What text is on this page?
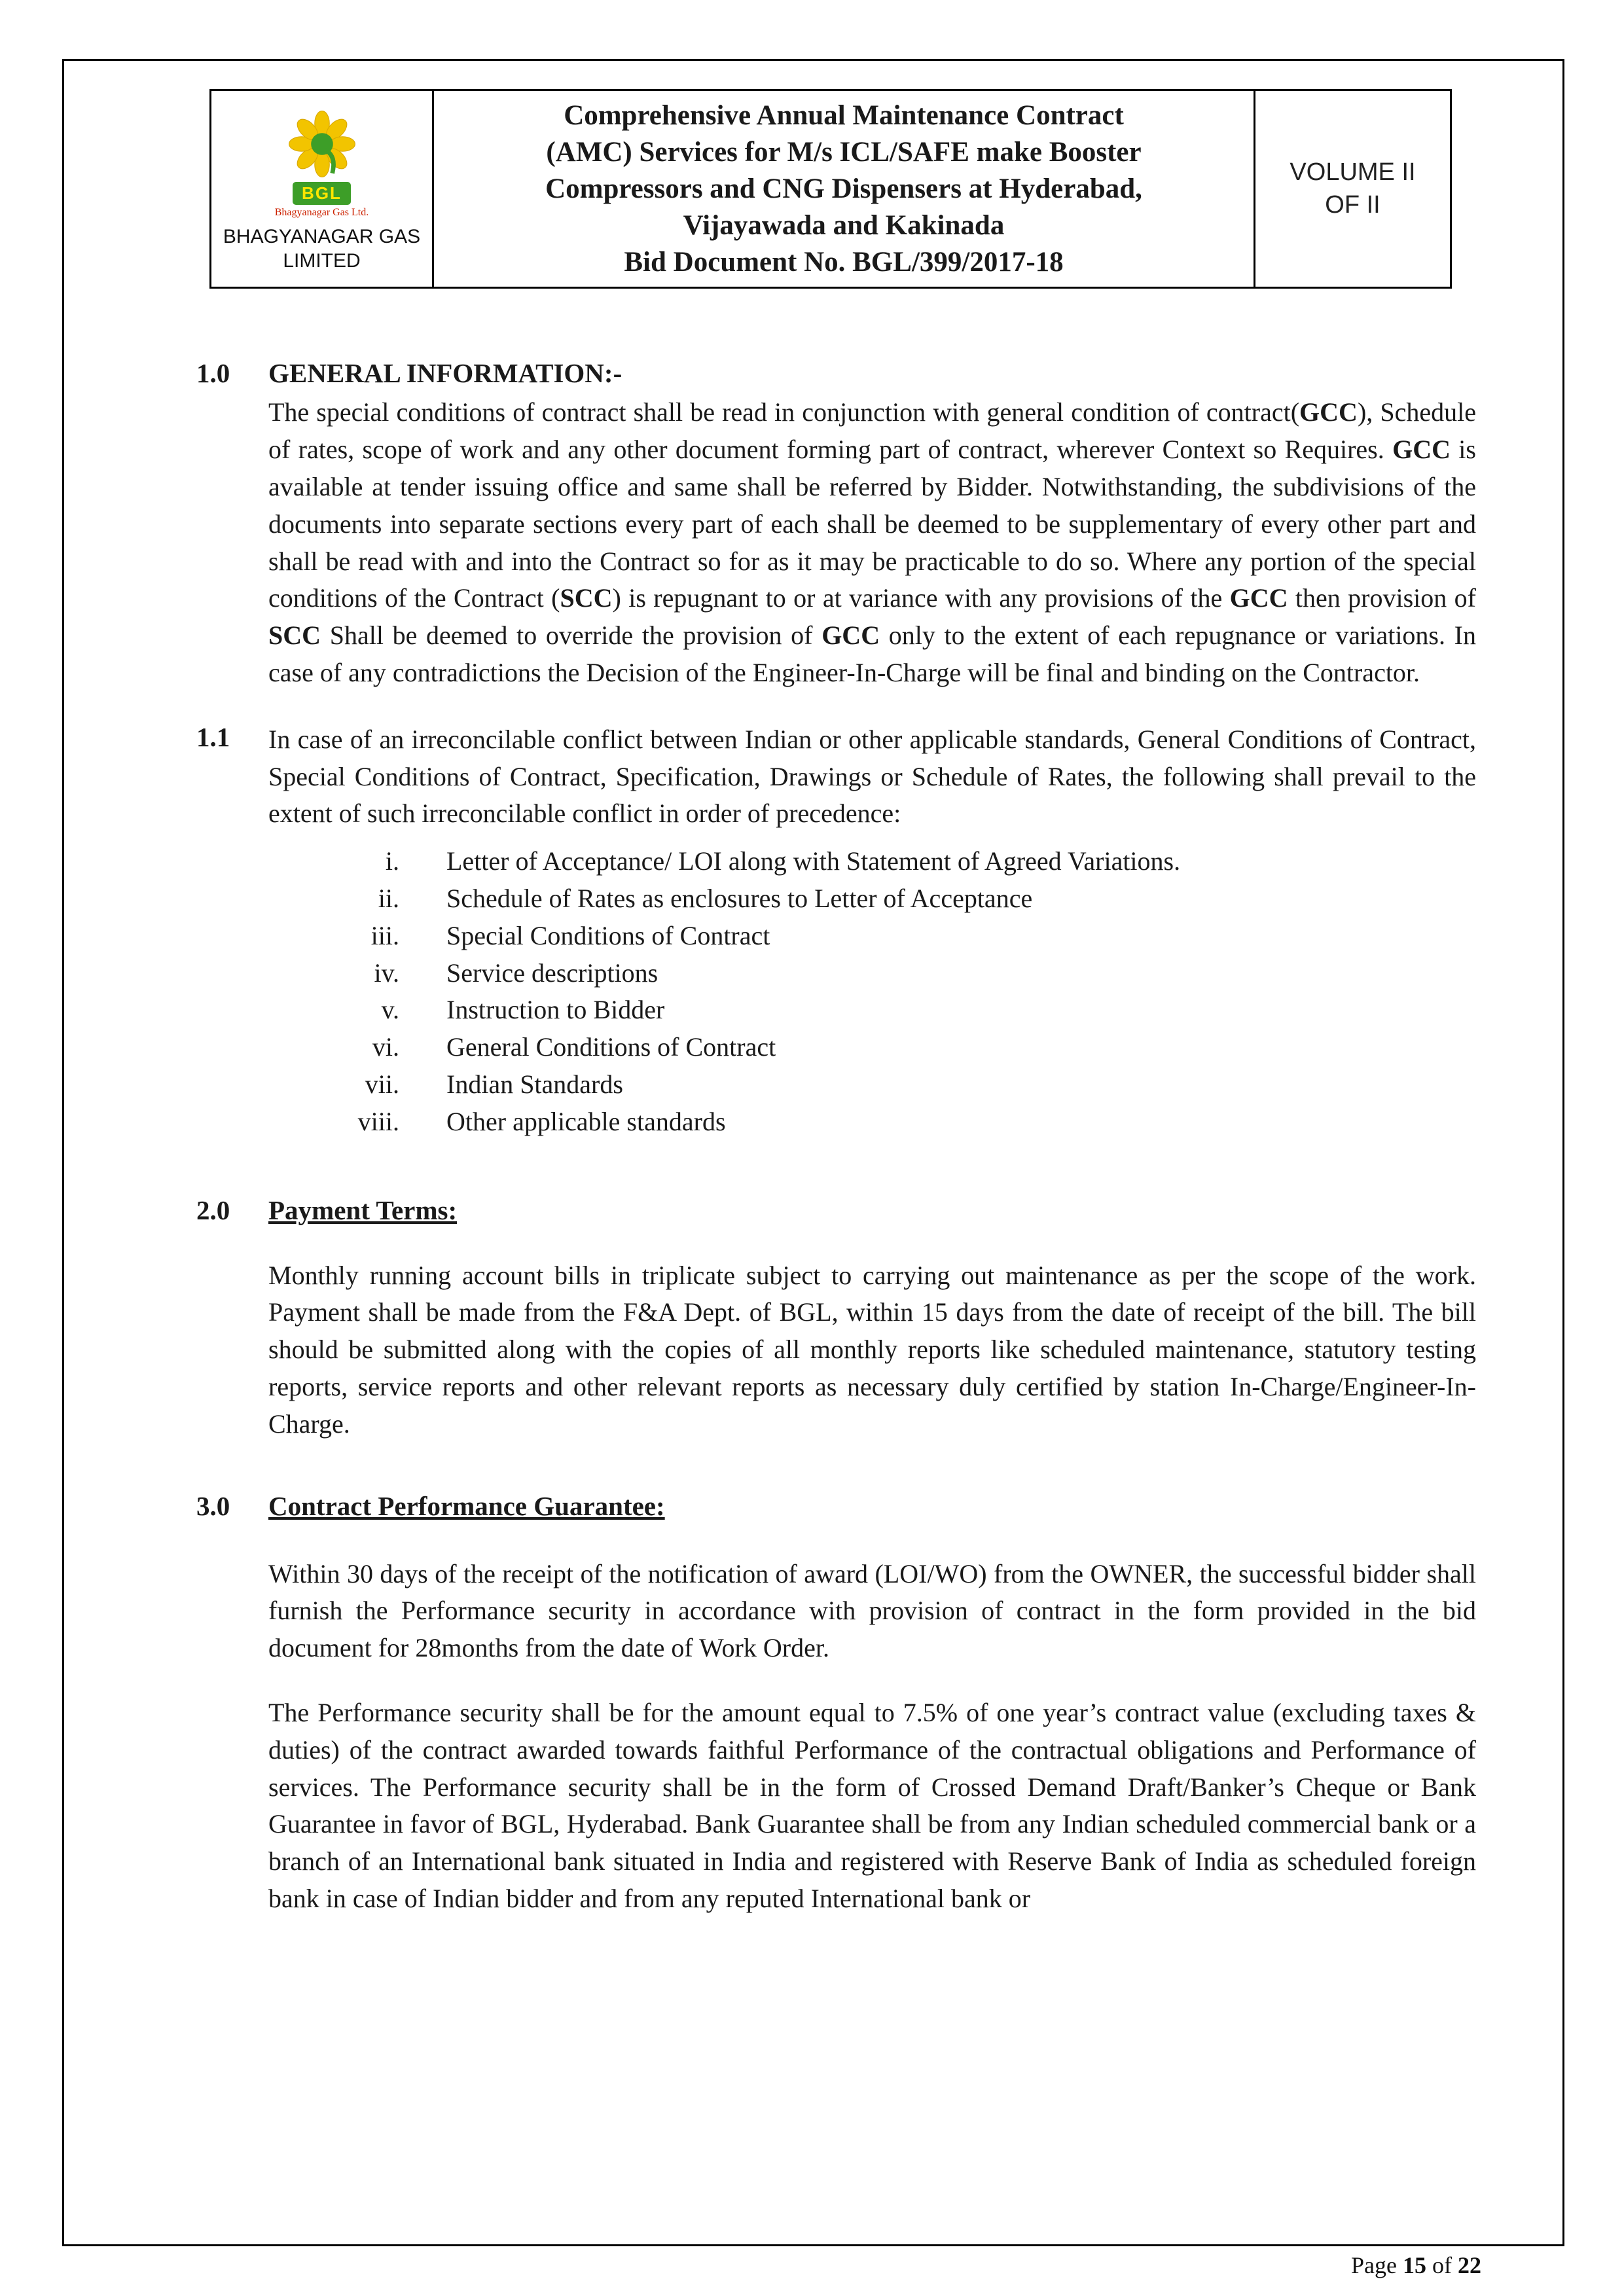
BGL
Bhagyanagar Gas Ltd.
BHAGYANAGAR GAS LIMITED

Comprehensive Annual Maintenance Contract
(AMC) Services for M/s ICL/SAFE make Booster
Compressors and CNG Dispensers at Hyderabad,
Vijayawada and Kakinada
Bid Document No. BGL/399/2017-18

VOLUME II
OF II
1.0	GENERAL INFORMATION:-

The special conditions of contract shall be read in conjunction with general condition of contract(GCC), Schedule of rates, scope of work and any other document forming part of contract, wherever Context so Requires. GCC is available at tender issuing office and same shall be referred by Bidder. Notwithstanding, the subdivisions of the documents into separate sections every part of each shall be deemed to be supplementary of every other part and shall be read with and into the Contract so for as it may be practicable to do so. Where any portion of the special conditions of the Contract (SCC) is repugnant to or at variance with any provisions of the GCC then provision of SCC Shall be deemed to override the provision of GCC only to the extent of each repugnance or variations. In case of any contradictions the Decision of the Engineer-In-Charge will be final and binding on the Contractor.

1.1	In case of an irreconcilable conflict between Indian or other applicable standards, General Conditions of Contract, Special Conditions of Contract, Specification, Drawings or Schedule of Rates, the following shall prevail to the extent of such irreconcilable conflict in order of precedence:

i. Letter of Acceptance/ LOI along with Statement of Agreed Variations.
ii. Schedule of Rates as enclosures to Letter of Acceptance
iii. Special Conditions of Contract
iv. Service descriptions
v. Instruction to Bidder
vi. General Conditions of Contract
vii. Indian Standards
viii. Other applicable standards
2.0	Payment Terms:

Monthly running account bills in triplicate subject to carrying out maintenance as per the scope of the work. Payment shall be made from the F&A Dept. of BGL, within 15 days from the date of receipt of the bill. The bill should be submitted along with the copies of all monthly reports like scheduled maintenance, statutory testing reports, service reports and other relevant reports as necessary duly certified by station In-Charge/Engineer-In-Charge.

3.0	Contract Performance Guarantee:

Within 30 days of the receipt of the notification of award (LOI/WO) from the OWNER, the successful bidder shall furnish the Performance security in accordance with provision of contract in the form provided in the bid document for 28months from the date of Work Order.

The Performance security shall be for the amount equal to 7.5% of one year’s contract value (excluding taxes & duties) of the contract awarded towards faithful Performance of the contractual obligations and Performance of services. The Performance security shall be in the form of Crossed Demand Draft/Banker’s Cheque or Bank Guarantee in favor of BGL, Hyderabad. Bank Guarantee shall be from any Indian scheduled commercial bank or a branch of an International bank situated in India and registered with Reserve Bank of India as scheduled foreign bank in case of Indian bidder and from any reputed International bank or

Page 15 of 22
